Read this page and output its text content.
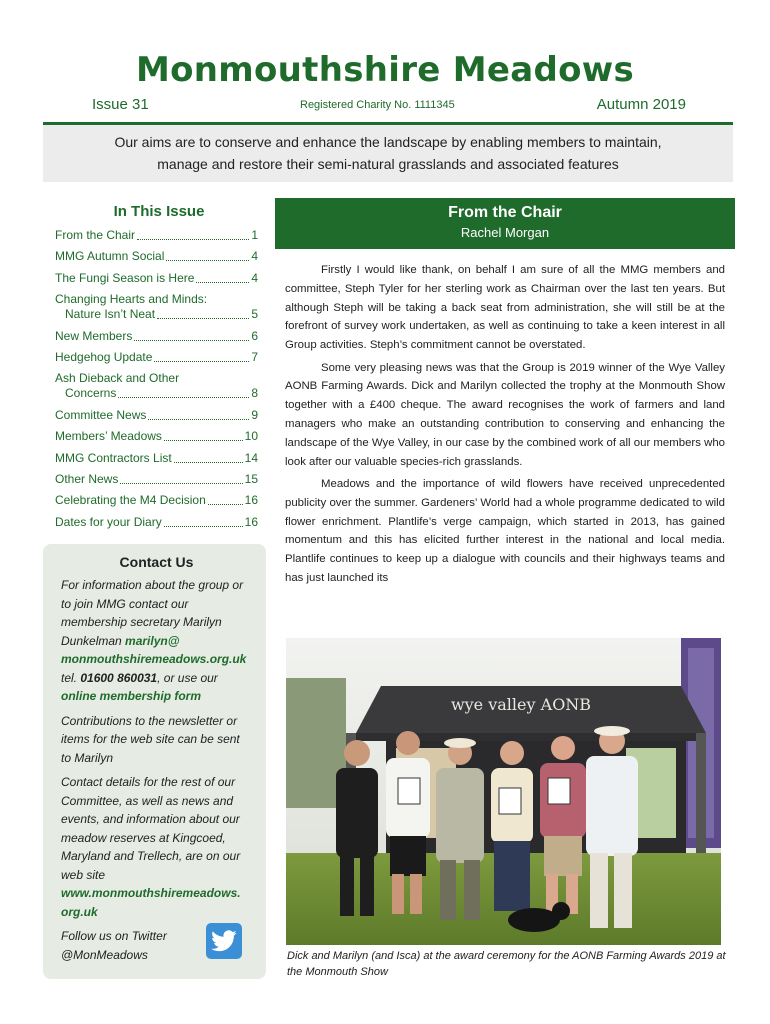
Monmouthshire Meadows
Issue 31	Registered Charity No. 1111345	Autumn 2019
Our aims are to conserve and enhance the landscape by enabling members to maintain,
manage and restore their semi-natural grasslands and associated features
In This Issue
From the Chair	1
MMG Autumn Social	4
The Fungi Season is Here	4
Changing Hearts and Minds:
Nature Isn’t Neat	5
New Members	6
Hedgehog Update	7
Ash Dieback and Other
Concerns	8
Committee News	9
Members’ Meadows	10
MMG Contractors List	14
Other News	15
Celebrating the M4 Decision	16
Dates for your Diary	16
Contact Us

For information about the group or to join MMG contact our membership secretary Marilyn Dunkelman marilyn@
monmouthshiremeadows.org.uk
tel. 01600 860031, or use our
online membership form

Contributions to the newsletter or items for the web site can be sent to Marilyn

Contact details for the rest of our Committee, as well as news and events, and information about our meadow reserves at Kingcoed, Maryland and Trellech, are on our web site
www.monmouthshiremeadows.
org.uk

Follow us on Twitter
@MonMeadows

From the Chair
Rachel Morgan

Firstly I would like thank, on behalf I am sure of all the MMG members and committee, Steph Tyler for her sterling work as Chairman over the last ten years. But although Steph will be taking a back seat from administration, she will still be at the forefront of survey work undertaken, as well as continuing to take a keen interest in all Group activities. Steph’s commitment cannot be overstated.

Some very pleasing news was that the Group is 2019 winner of the Wye Valley AONB Farming Awards. Dick and Marilyn collected the trophy at the Monmouth Show together with a £400 cheque. The award recognises the work of farmers and land managers who make an outstanding contribution to conserving and enhancing the landscape of the Wye Valley, in our case by the combined work of all our members who look after our valuable species-rich grasslands.

Meadows and the importance of wild flowers have received unprecedented publicity over the summer. Gardeners’ World had a whole programme dedicated to wild flower enrichment. Plantlife’s verge campaign, which started in 2013, has gained momentum and this has elicited further interest in the national and local media. Plantlife continues to keep up a dialogue with councils and their highways teams and has just launched its

wye valley AONB
Dick and Marilyn (and Isca) at the award ceremony for the AONB Farming Awards 2019 at the Monmouth Show
